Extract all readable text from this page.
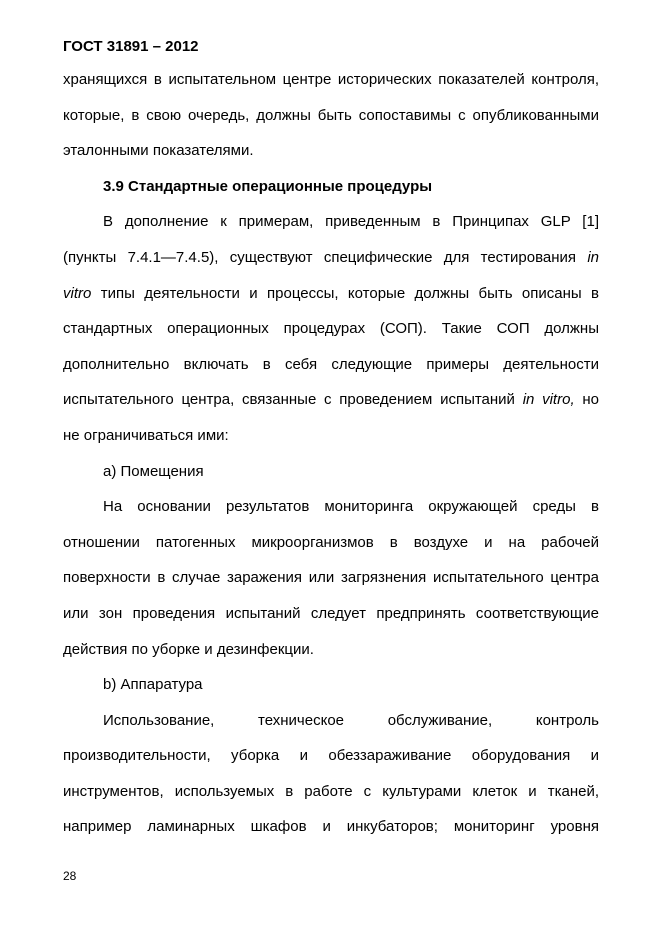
ГОСТ 31891 – 2012

хранящихся в испытательном центре исторических показателей контроля,

которые, в свою очередь, должны быть сопоставимы с опубликованными

эталонными показателями.

3.9 Стандартные операционные процедуры

В дополнение к примерам, приведенным в Принципах GLP [1]

(пункты 7.4.1—7.4.5), существуют специфические для тестирования in

vitro типы деятельности и процессы, которые должны быть описаны в

стандартных операционных процедурах (СОП). Такие СОП должны

дополнительно включать в себя следующие примеры деятельности

испытательного центра, связанные с проведением испытаний in vitro, но

не ограничиваться ими:

a) Помещения

На основании результатов мониторинга окружающей среды в

отношении патогенных микроорганизмов в воздухе и на рабочей

поверхности в случае заражения или загрязнения испытательного центра

или зон проведения испытаний следует предпринять соответствующие

действия по уборке и дезинфекции.

b) Аппаратура

Использование, техническое обслуживание, контроль

производительности, уборка и обеззараживание оборудования и

инструментов, используемых в работе с культурами клеток и тканей,

например ламинарных шкафов и инкубаторов; мониторинг уровня

28
